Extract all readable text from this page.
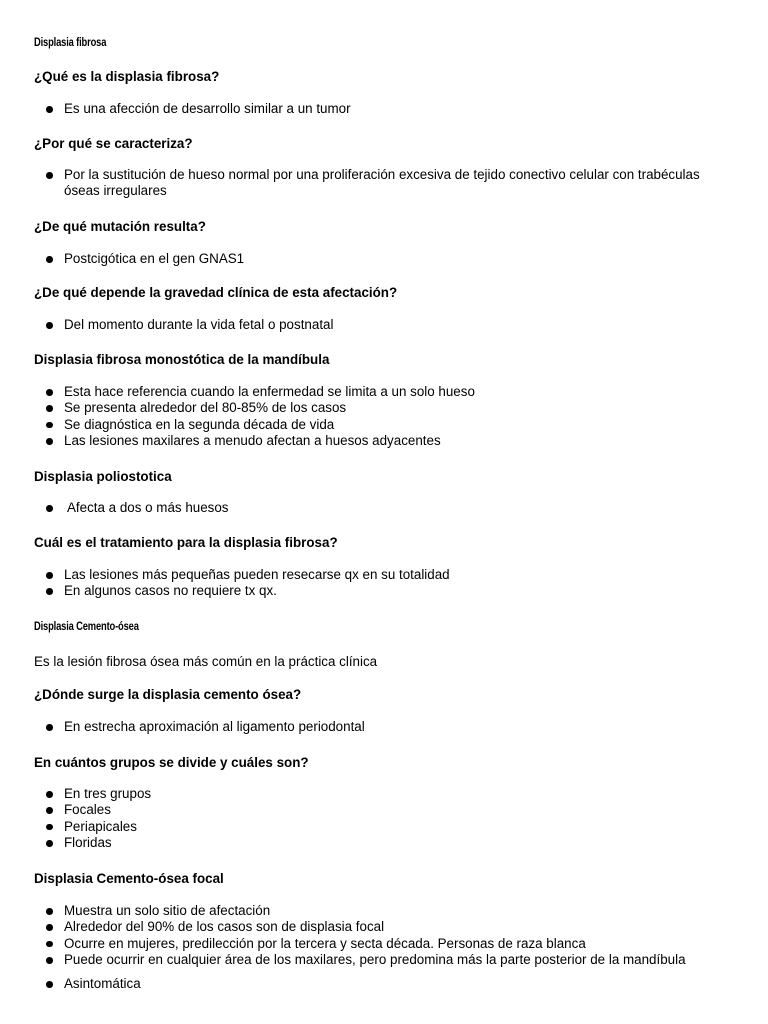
Displasia fibrosa
¿Qué es la displasia fibrosa?
Es una afección de desarrollo similar a un tumor
¿Por qué se caracteriza?
Por la sustitución de hueso normal por una proliferación excesiva de tejido conectivo celular con trabéculas óseas irregulares
¿De qué mutación resulta?
Postcigótica en el gen GNAS1
¿De qué depende la gravedad clínica de esta afectación?
Del momento durante la vida fetal o postnatal
Displasia fibrosa monostótica de la mandíbula
Esta hace referencia cuando la enfermedad se limita a un solo hueso
Se presenta alrededor del 80-85% de los casos
Se diagnóstica en la segunda década de vida
Las lesiones maxilares a menudo afectan a huesos adyacentes
Displasia poliostotica
Afecta a dos o más huesos
Cuál es el tratamiento para la displasia fibrosa?
Las lesiones más pequeñas pueden resecarse qx en su totalidad
En algunos casos no requiere tx qx.
Displasia Cemento-ósea
Es la lesión fibrosa ósea más común en la práctica clínica
¿Dónde surge la displasia cemento ósea?
En estrecha aproximación al ligamento periodontal
En cuántos grupos se divide y cuáles son?
En tres grupos
Focales
Periapicales
Floridas
Displasia Cemento-ósea focal
Muestra un solo sitio de afectación
Alrededor del 90% de los casos son de displasia focal
Ocurre en mujeres, predilección por la tercera y secta década. Personas de raza blanca
Puede ocurrir en cualquier área de los maxilares, pero predomina más la parte posterior de la mandíbula
Asintomática
